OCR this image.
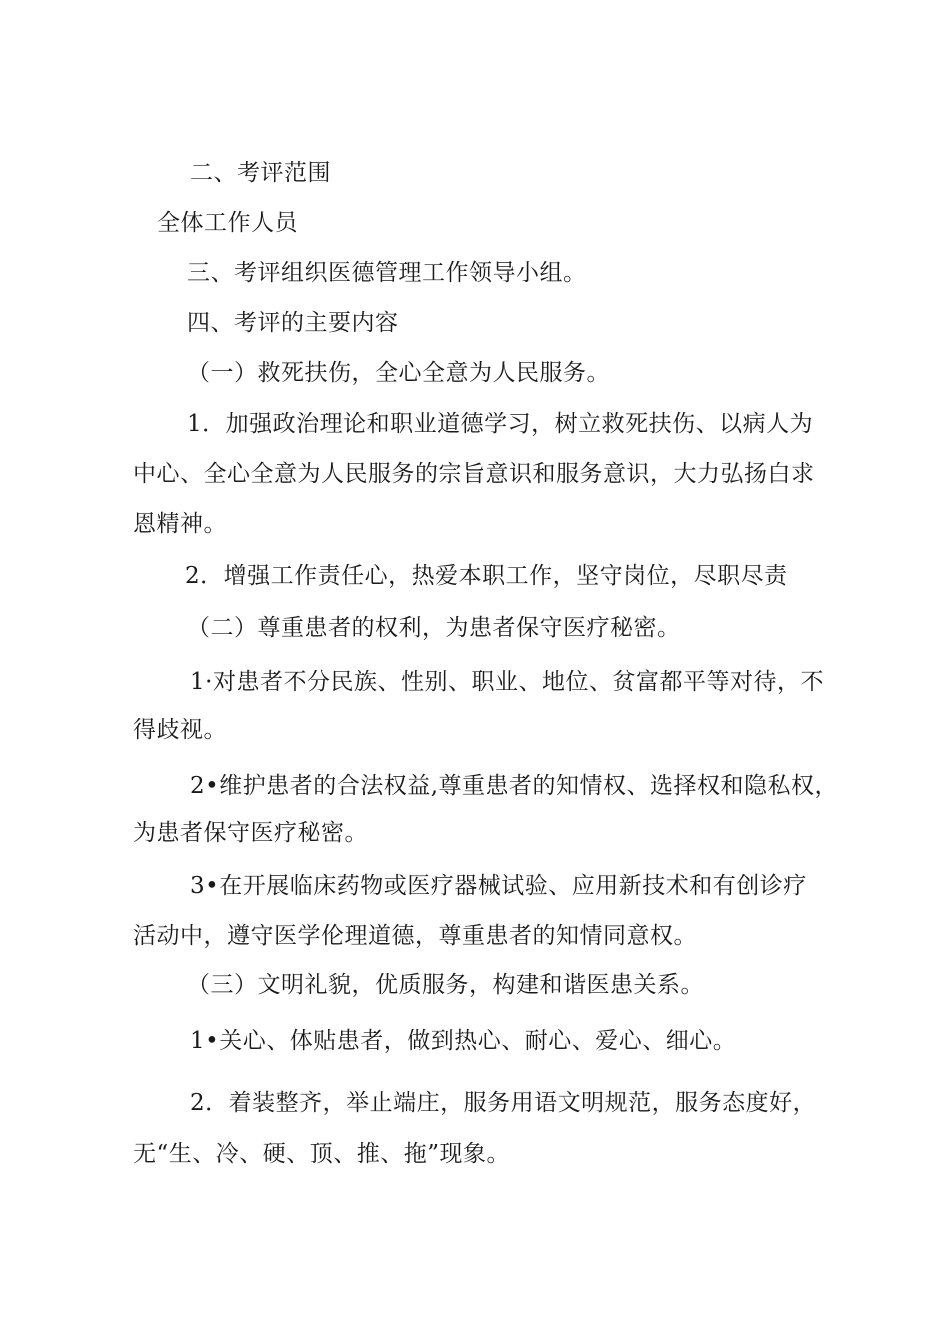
二、考评范围
全体工作人员
三、考评组织医德管理工作领导小组。
四、考评的主要内容
（一）救死扶伤，全心全意为人民服务。
1．加强政治理论和职业道德学习，树立救死扶伤、以病人为
中心、全心全意为人民服务的宗旨意识和服务意识，大力弘扬白求
恩精神。
2．增强工作责任心，热爱本职工作，坚守岗位，尽职尽责
（二）尊重患者的权利，为患者保守医疗秘密。
1·对患者不分民族、性别、职业、地位、贫富都平等对待，不
得歧视。
2•维护患者的合法权益,尊重患者的知情权、选择权和隐私权，
为患者保守医疗秘密。
3•在开展临床药物或医疗器械试验、应用新技术和有创诊疗
活动中，遵守医学伦理道德，尊重患者的知情同意权。
（三）文明礼貌，优质服务，构建和谐医患关系。
1•关心、体贴患者，做到热心、耐心、爱心、细心。
2．着装整齐，举止端庄，服务用语文明规范，服务态度好，
无“生、冷、硬、顶、推、拖”现象。
